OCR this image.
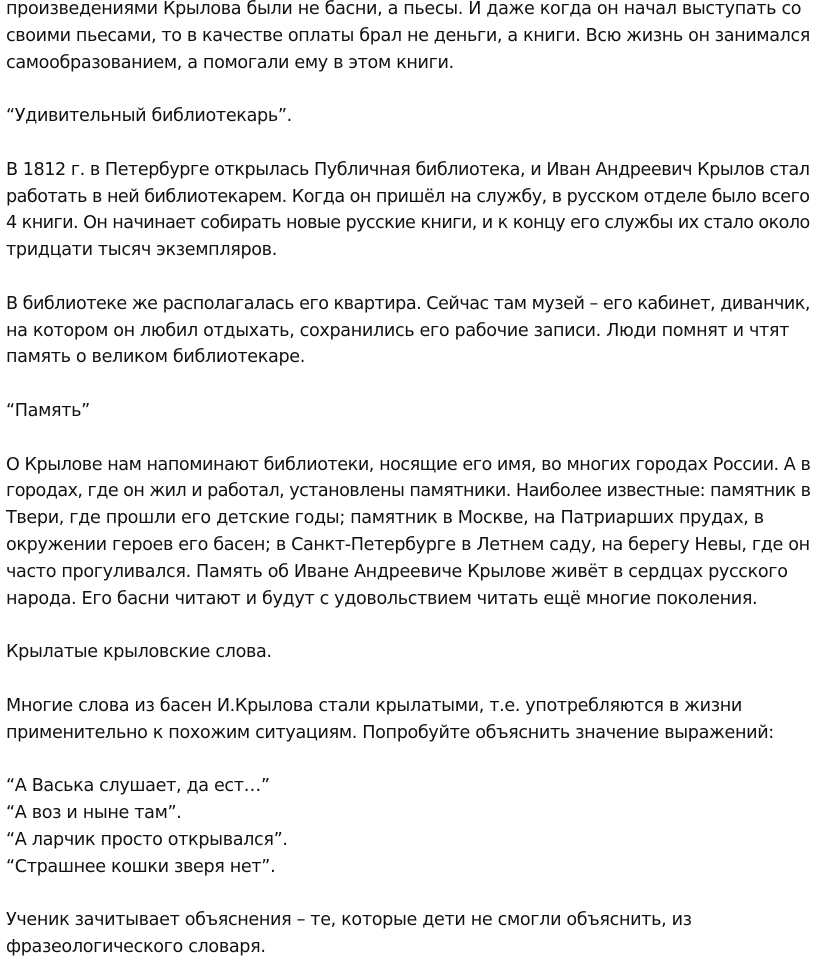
произведениями Крылова были не басни, а пьесы. И даже когда он начал выступать со
своими пьесами, то в качестве оплаты брал не деньги, а книги. Всю жизнь он занимался
самообразованием, а помогали ему в этом книги.
“Удивительный библиотекарь”.
В 1812 г. в Петербурге открылась Публичная библиотека, и Иван Андреевич Крылов стал
работать в ней библиотекарем. Когда он пришёл на службу, в русском отделе было всего
4 книги. Он начинает собирать новые русские книги, и к концу его службы их стало около
тридцати тысяч экземпляров.
В библиотеке же располагалась его квартира. Сейчас там музей – его кабинет, диванчик,
на котором он любил отдыхать, сохранились его рабочие записи. Люди помнят и чтят
память о великом библиотекаре.
“Память”
О Крылове нам напоминают библиотеки, носящие его имя, во многих городах России. А в
городах, где он жил и работал, установлены памятники. Наиболее известные: памятник в
Твери, где прошли его детские годы; памятник в Москве, на Патриарших прудах, в
окружении героев его басен; в Санкт-Петербурге в Летнем саду, на берегу Невы, где он
часто прогуливался. Память об Иване Андреевиче Крылове живёт в сердцах русского
народа. Его басни читают и будут с удовольствием читать ещё многие поколения.
Крылатые крыловские слова.
Многие слова из басен И.Крылова стали крылатыми, т.е. употребляются в жизни
применительно к похожим ситуациям. Попробуйте объяснить значение выражений:
“А Васька слушает, да ест…”
“А воз и ныне там”.
“А ларчик просто открывался”.
“Страшнее кошки зверя нет”.
Ученик зачитывает объяснения – те, которые дети не смогли объяснить, из
фразеологического словаря.
